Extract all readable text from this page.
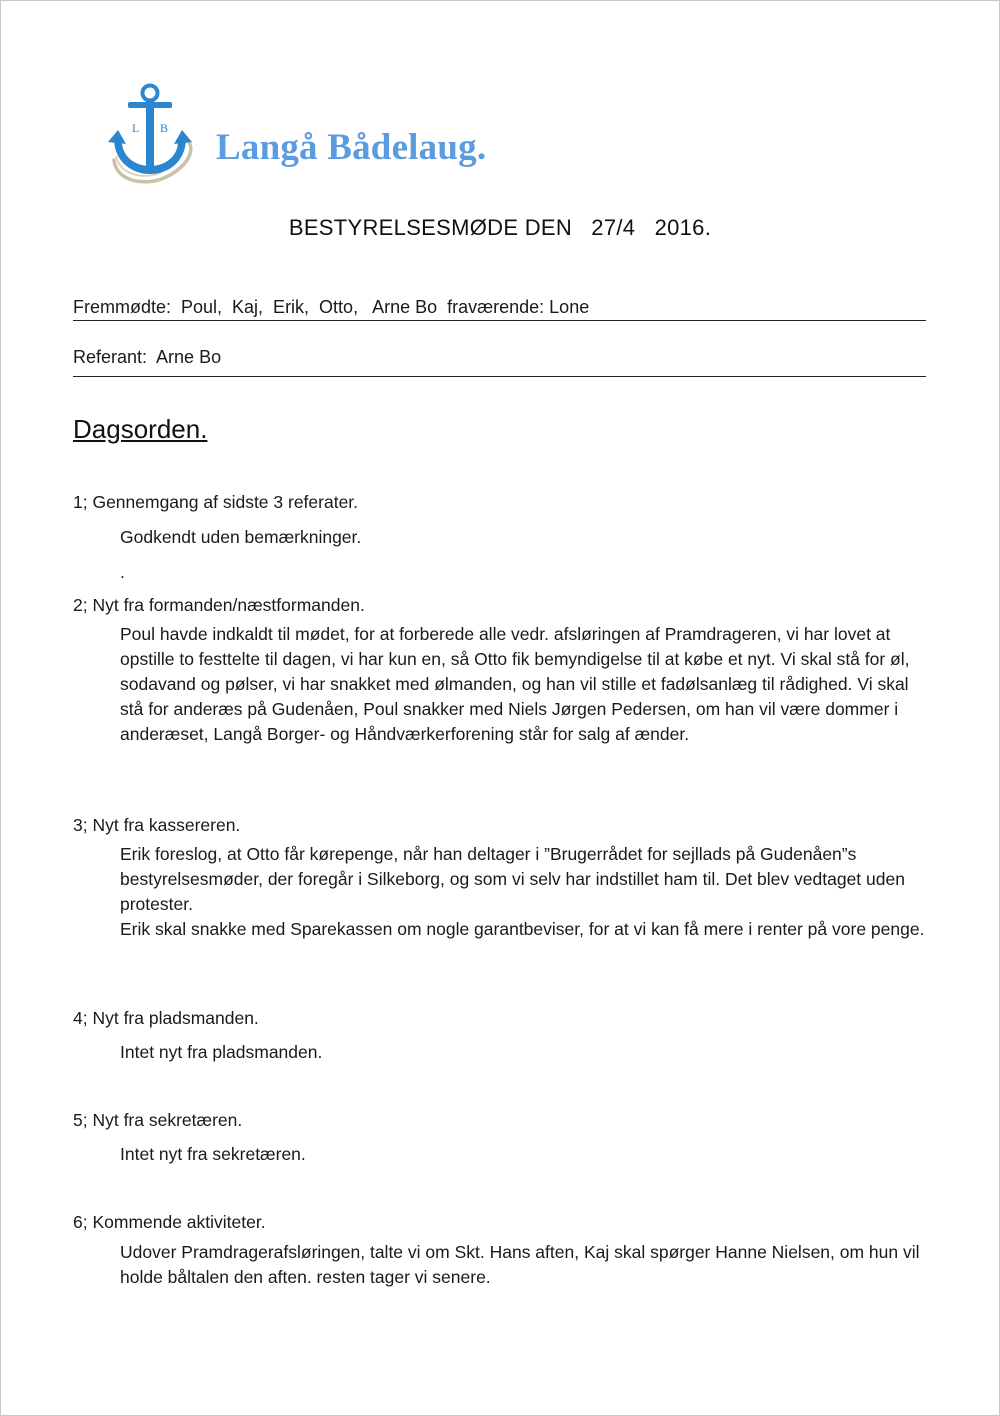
L B Langå Bådelaug.
BESTYRELSESMØDE DEN   27/4   2016.
Fremmødte:  Poul,  Kaj,  Erik,  Otto,   Arne Bo  fraværende: Lone
Referant:  Arne Bo
Dagsorden.
1; Gennemgang af sidste 3 referater.

Godkendt uden bemærkninger.

.

2; Nyt fra formanden/næstformanden.

Poul havde indkaldt til mødet, for at forberede alle vedr. afsløringen af Pramdrageren, vi har lovet at opstille to festtelte til dagen, vi har kun en, så Otto fik bemyndigelse til at købe et nyt. Vi skal stå for øl, sodavand og pølser, vi har snakket med ølmanden, og han vil stille et fadølsanlæg til rådighed. Vi skal stå for anderæs på Gudenåen, Poul snakker med Niels Jørgen Pedersen, om han vil være dommer i anderæset, Langå Borger- og Håndværkerforening står for salg af ænder.

3; Nyt fra kassereren.

Erik foreslog, at Otto får kørepenge, når han deltager i ”Brugerrådet for sejllads på Gudenåen”s bestyrelsesmøder, der foregår i Silkeborg, og som vi selv har indstillet ham til. Det blev vedtaget uden protester.

Erik skal snakke med Sparekassen om nogle garantbeviser, for at vi kan få mere i renter på vore penge.

4; Nyt fra pladsmanden.

Intet nyt fra pladsmanden.

5; Nyt fra sekretæren.

Intet nyt fra sekretæren.

6; Kommende aktiviteter.

Udover Pramdragerafsløringen, talte vi om Skt. Hans aften, Kaj skal spørger Hanne Nielsen, om hun vil holde båltalen den aften. resten tager vi senere.
